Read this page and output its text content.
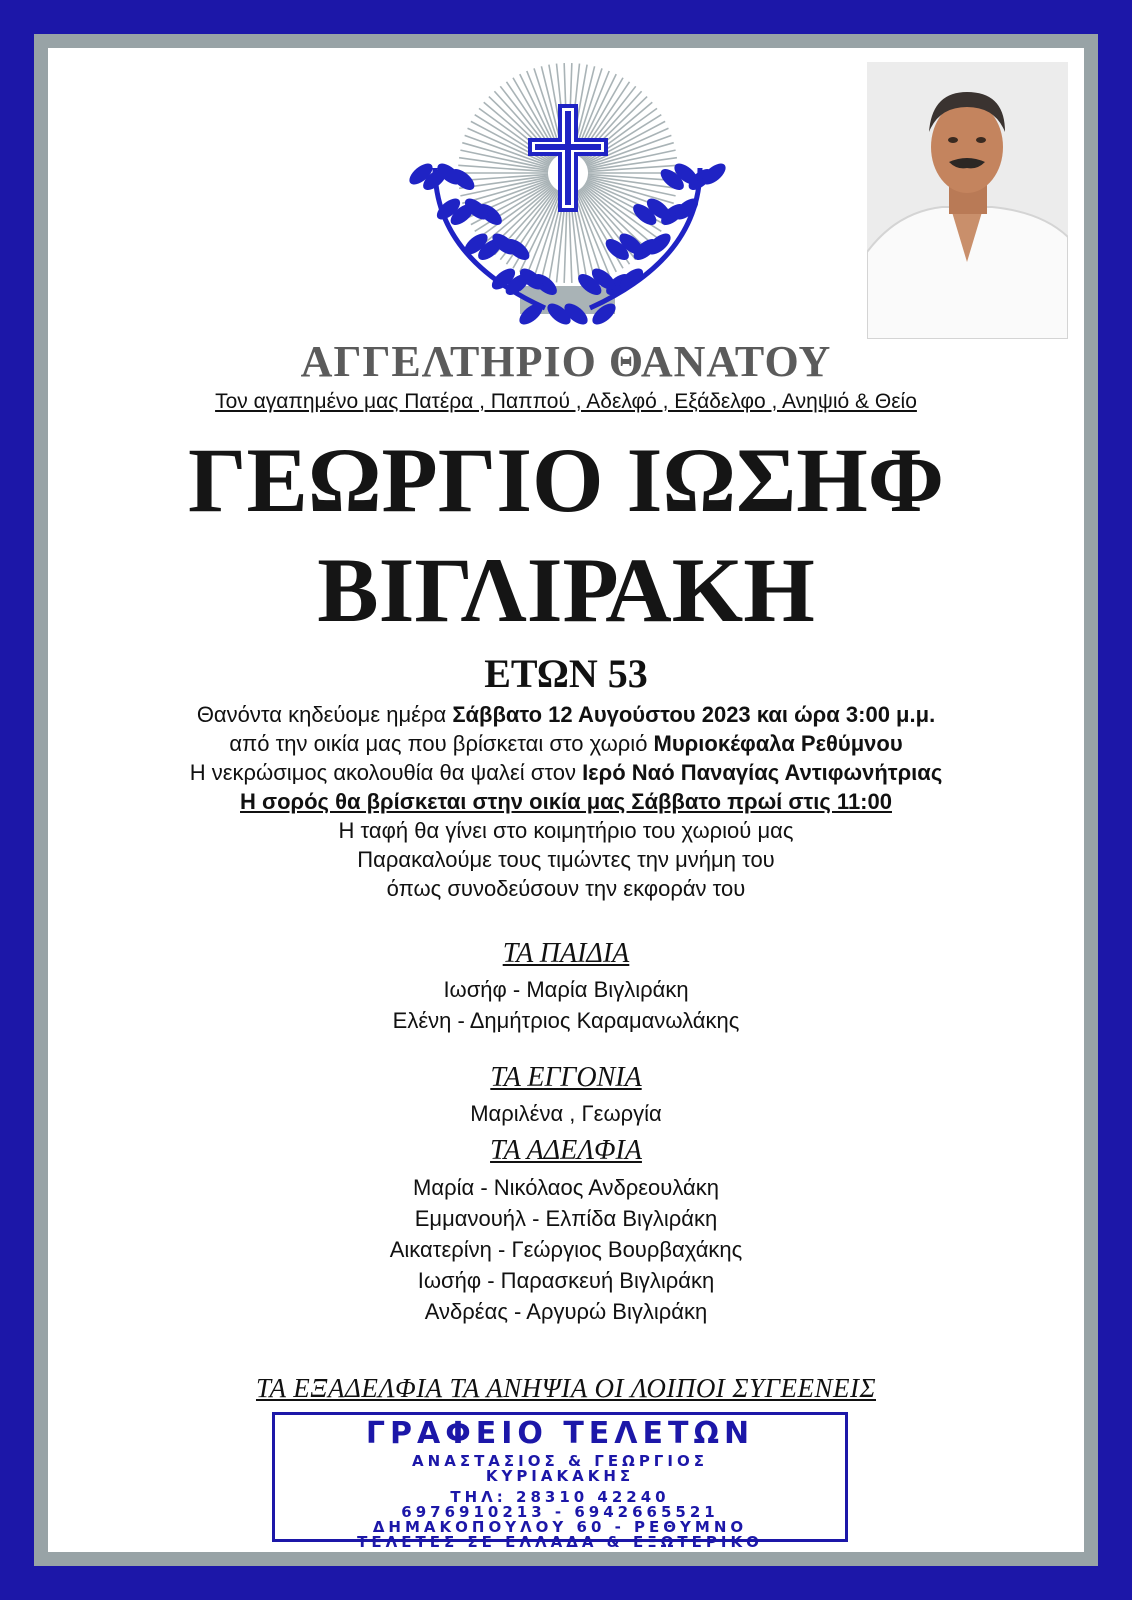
ΑΓΓΕΛΤΗΡΙΟ ΘΑΝΑΤΟΥ
Τον αγαπημένο μας Πατέρα , Παππού , Αδελφό , Εξάδελφο , Ανηψιό & Θείο
ΓΕΩΡΓΙΟ ΙΩΣΗΦ
ΒΙΓΛΙΡΑΚΗ
ΕΤΩΝ 53
Θανόντα κηδεύομε ημέρα Σάββατο 12 Αυγούστου 2023 και ώρα 3:00 μ.μ.
από την οικία μας που βρίσκεται στο χωριό Μυριοκέφαλα Ρεθύμνου
Η νεκρώσιμος ακολουθία θα ψαλεί στον Ιερό Ναό Παναγίας Αντιφωνήτριας
Η σορός θα βρίσκεται στην οικία μας Σάββατο πρωί στις 11:00
Η ταφή θα γίνει στο κοιμητήριο του χωριού μας
Παρακαλούμε τους τιμώντες την μνήμη του
όπως συνοδεύσουν την εκφοράν του
ΤΑ ΠΑΙΔΙΑ
Ιωσήφ - Μαρία Βιγλιράκη
Ελένη - Δημήτριος Καραμανωλάκης
ΤΑ ΕΓΓΟΝΙΑ
Μαριλένα , Γεωργία
ΤΑ ΑΔΕΛΦΙΑ
Μαρία - Νικόλαος Ανδρεουλάκη
Εμμανουήλ - Ελπίδα Βιγλιράκη
Αικατερίνη - Γεώργιος Βουρβαχάκης
Ιωσήφ - Παρασκευή Βιγλιράκη
Ανδρέας - Αργυρώ Βιγλιράκη
ΤΑ ΕΞΑΔΕΛΦΙΑ ΤΑ ΑΝΗΨΙΑ ΟΙ ΛΟΙΠΟΙ ΣΥΓΕΕΝΕΙΣ
ΓΡΑΦΕΙΟ ΤΕΛΕΤΩΝ
ΑΝΑΣΤΑΣΙΟΣ & ΓΕΩΡΓΙΟΣ
ΚΥΡΙΑΚΑΚΗΣ
ΤΗΛ: 28310 42240
6976910213 - 6942665521
ΔΗΜΑΚΟΠΟΥΛΟΥ 60 - ΡΕΘΥΜΝΟ
ΤΕΛΕΤΕΣ ΣΕ ΕΛΛΑΔΑ & ΕΞΩΤΕΡΙΚΟ
